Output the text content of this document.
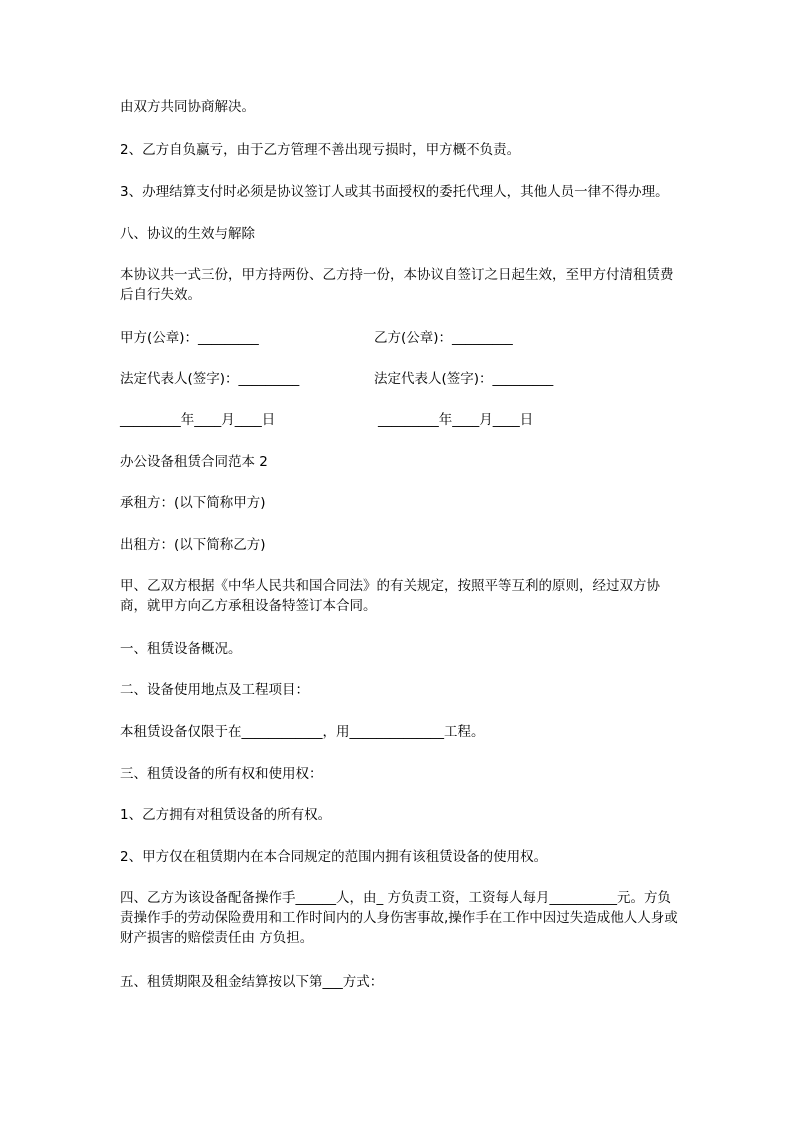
由双方共同协商解决。
2、乙方自负赢亏，由于乙方管理不善出现亏损时，甲方概不负责。
3、办理结算支付时必须是协议签订人或其书面授权的委托代理人，其他人员一律不得办理。
八、协议的生效与解除
本协议共一式三份，甲方持两份、乙方持一份，本协议自签订之日起生效，至甲方付清租赁费后自行失效。
甲方(公章)：_________	乙方(公章)：_________
法定代表人(签字)：_________	法定代表人(签字)：_________
_________年____月____日	_________年____月____日
办公设备租赁合同范本 2
承租方：(以下简称甲方)
出租方：(以下简称乙方)
甲、乙双方根据《中华人民共和国合同法》的有关规定，按照平等互利的原则，经过双方协商，就甲方向乙方承租设备特签订本合同。
一、租赁设备概况。
二、设备使用地点及工程项目：
本租赁设备仅限于在____________，用______________工程。
三、租赁设备的所有权和使用权：
1、乙方拥有对租赁设备的所有权。
2、甲方仅在租赁期内在本合同规定的范围内拥有该租赁设备的使用权。
四、乙方为该设备配备操作手______人，由_ 方负责工资，工资每人每月__________元。方负责操作手的劳动保险费用和工作时间内的人身伤害事故,操作手在工作中因过失造成他人人身或财产损害的赔偿责任由 方负担。
五、租赁期限及租金结算按以下第___方式：
